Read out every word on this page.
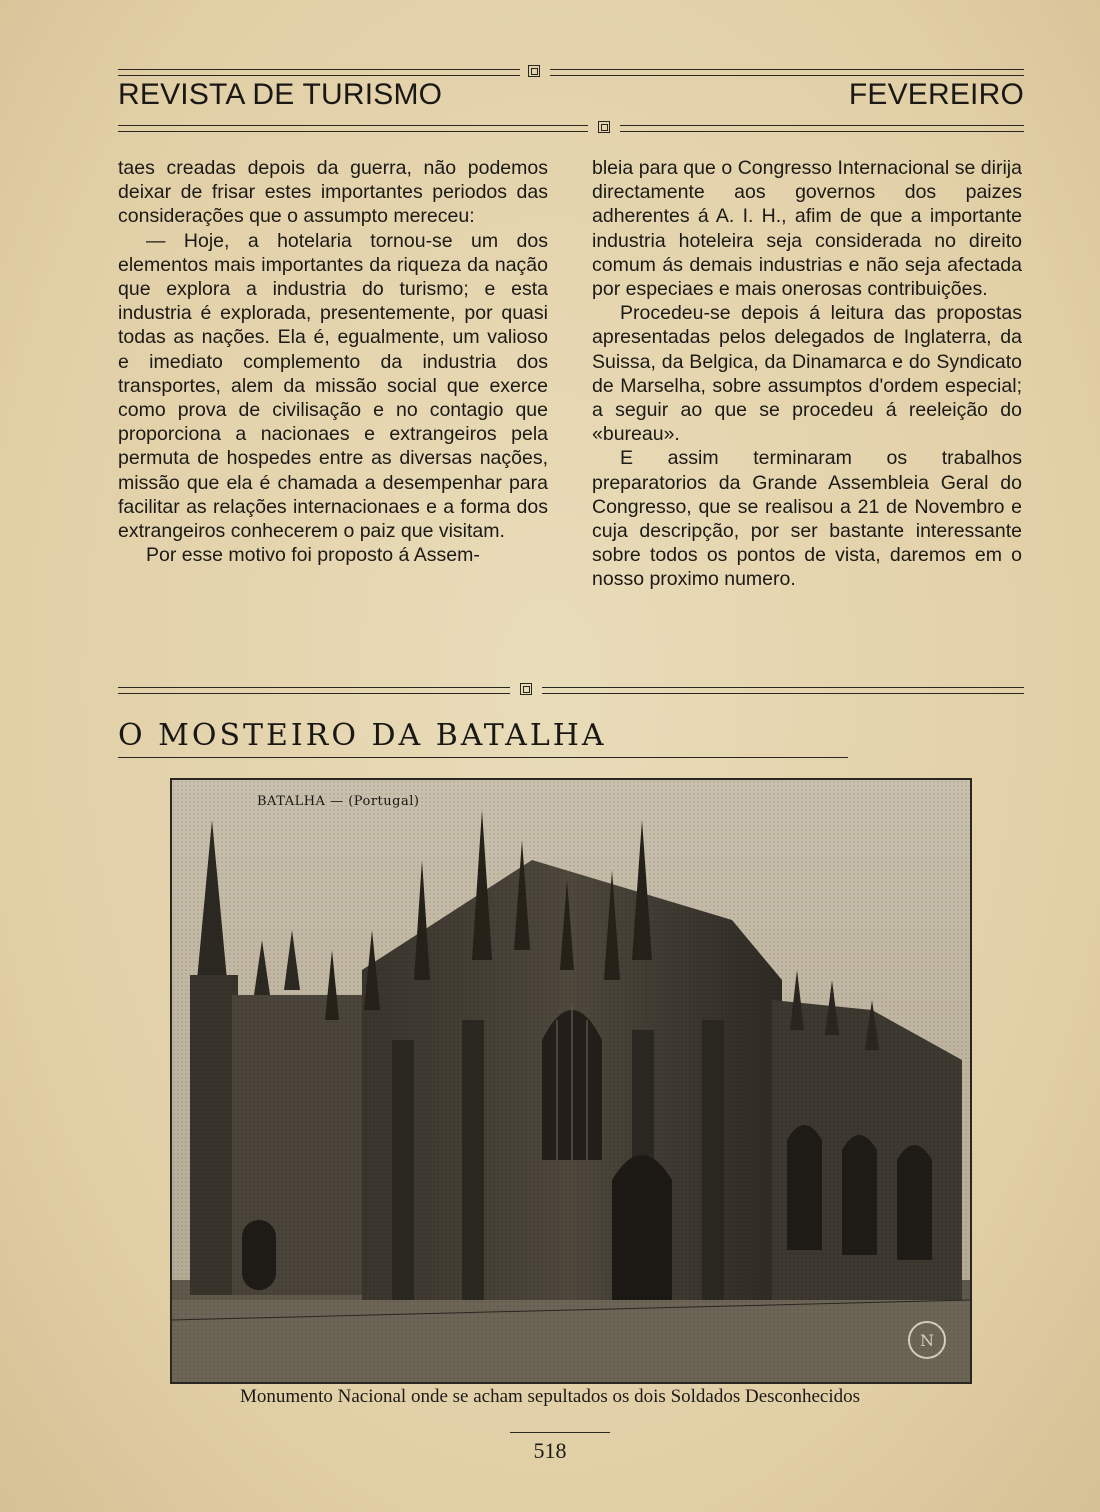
REVISTA DE TURISMO	FEVEREIRO

taes creadas depois da guerra, não podemos deixar de frisar estes importantes periodos das considerações que o assumpto mereceu:

— Hoje, a hotelaria tornou-se um dos elementos mais importantes da riqueza da nação que explora a industria do turismo; e esta industria é explorada, presentemente, por quasi todas as nações. Ela é, egualmente, um valioso e imediato complemento da industria dos transportes, alem da missão social que exerce como prova de civilisação e no contagio que proporciona a nacionaes e extrangeiros pela permuta de hospedes entre as diversas nações, missão que ela é chamada a desempenhar para facilitar as relações internacionaes e a forma dos extrangeiros conhecerem o paiz que visitam.

Por esse motivo foi proposto á Assem-

bleia para que o Congresso Internacional se dirija directamente aos governos dos paizes adherentes á A. I. H., afim de que a importante industria hoteleira seja considerada no direito comum ás demais industrias e não seja afectada por especiaes e mais onerosas contribuições.

Procedeu-se depois á leitura das propostas apresentadas pelos delegados de Inglaterra, da Suissa, da Belgica, da Dinamarca e do Syndicato de Marselha, sobre assumptos d'ordem especial; a seguir ao que se procedeu á reeleição do «bureau».

E assim terminaram os trabalhos preparatorios da Grande Assembleia Geral do Congresso, que se realisou a 21 de Novembro e cuja descripção, por ser bastante interessante sobre todos os pontos de vista, daremos em o nosso proximo numero.

O MOSTEIRO DA BATALHA
BATALHA — (Portugal)
Monumento Nacional onde se acham sepultados os dois Soldados Desconhecidos
518
